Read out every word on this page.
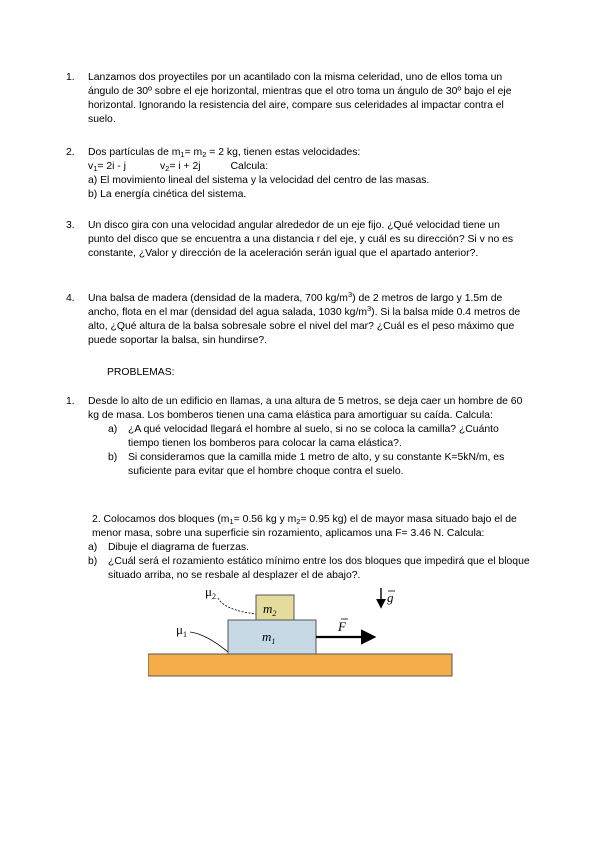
1. Lanzamos dos proyectiles por un acantilado con la misma celeridad, uno de ellos toma un ángulo de 30º sobre el eje horizontal, mientras que el otro toma un ángulo de 30º bajo el eje horizontal. Ignorando la resistencia del aire, compare sus celeridades al impactar contra el suelo.

2. Dos partículas de $m_1= m_2 = 2$ kg, tienen estas velocidades:

$v_1= 2i - j$	$v_2= i + 2j$	Calcula:

a) El movimiento lineal del sistema y la velocidad del centro de las masas.

b) La energía cinética del sistema.

3. Un disco gira con una velocidad angular alrededor de un eje fijo. ¿Qué velocidad tiene un punto del disco que se encuentra a una distancia r del eje, y cuál es su dirección? Si v no es constante, ¿Valor y dirección de la aceleración serán igual que el apartado anterior?.

4. Una balsa de madera (densidad de la madera, 700 $kg/m^3$) de 2 metros de largo y 1.5m de ancho, flota en el mar (densidad del agua salada, 1030 $kg/m^3$). Si la balsa mide 0.4 metros de alto, ¿Qué altura de la balsa sobresale sobre el nivel del mar? ¿Cuál es el peso máximo que puede soportar la balsa, sin hundirse?.

PROBLEMAS:
1. Desde lo alto de un edificio en llamas, a una altura de 5 metros, se deja caer un hombre de 60 kg de masa. Los bomberos tienen una cama elástica para amortiguar su caída. Calcula:

a) ¿A qué velocidad llegará el hombre al suelo, si no se coloca la camilla? ¿Cuánto tiempo tienen los bomberos para colocar la cama elástica?.

b) Si consideramos que la camilla mide 1 metro de alto, y su constante K=5kN/m, es suficiente para evitar que el hombre choque contra el suelo.

2. Colocamos dos bloques ($m_1= 0.56$ kg y $m_2= 0.95$ kg) el de mayor masa situado bajo el de menor masa, sobre una superficie sin rozamiento, aplicamos una F= 3.46 N. Calcula:

a) Dibuje el diagrama de fuerzas.

b) ¿Cuál será el rozamiento estático mínimo entre los dos bloques que impedirá que el bloque situado arriba, no se resbale al desplazer el de abajo?.

$m_2$
$m_1$
$\mu_2$
$\mu_1$
F
g
